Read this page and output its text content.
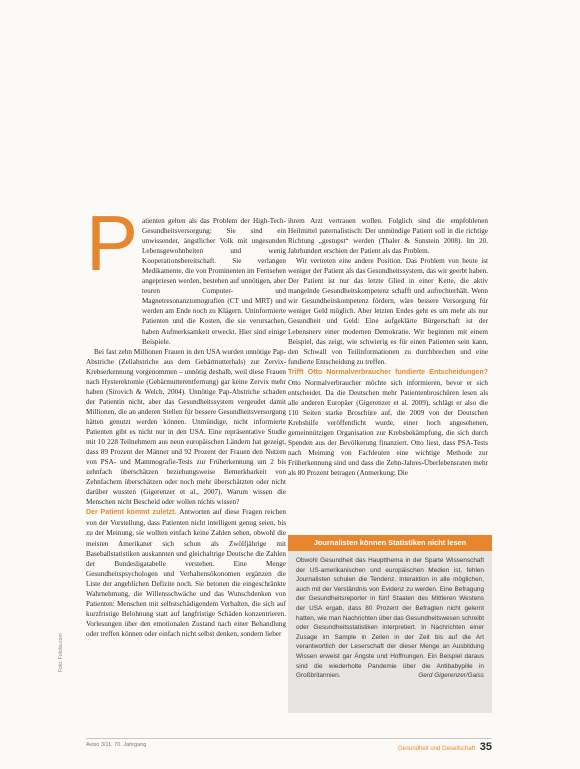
P atienten gelten als das Problem der High-Tech-Gesundheitsversorgung: Sie sind ein unwissender, ängstlicher Volk mit ungesunden Lebensgewohnheiten und wenig Kooperationsbereitschaft. Sie verlangen Medikamente, die von Prominenten im Fernsehen angepriesen werden, bestehen auf unnötigen, aber teuren Computer- und Magnetresonanztomografien (CT und MRT) und werden am Ende noch zu Klägern. Uninformierte Patienten und die Kosten, die sie verursachen, haben Aufmerksamkeit erweckt. Hier sind einige Beispiele.

Bei fast zehn Millionen Frauen in den USA wurden unnötige Pap-Abstriche (Zellabstriche aus dem Gebärmutterhals) zur Zervix-Krebserkennung vorgenommen – unnötig deshalb, weil diese Frauen nach Hysterektomie (Gebärmutterentfernung) gar keine Zervix mehr haben (Sirovich & Welch, 2004). Unnötige Pap-Abstriche schaden der Patientin nicht, aber das Gesundheitssystem vergeudet damit Millionen, die an anderen Stellen für bessere Gesundheitsversorgung hätten genutzt werden können. Unmündige, nicht informierte Patienten gibt es nicht nur in den USA. Eine repräsentative Studie mit 10 228 Teilnehmern aus neun europäischen Ländern hat gezeigt, dass 89 Prozent der Männer und 92 Prozent der Frauen den Nutzen von PSA- und Mammografie-Tests zur Früherkennung um 2 bis zehnfach überschätzen beziehungsweise Bemerkbarkeit von Zehnfachem überschätzen oder noch mehr überschätzten oder nicht darüber wussten (Gigerenzer et al., 2007). Warum wissen die Menschen nicht Bescheid oder wollen nichts wissen?

Der Patient kommt zuletzt. Antworten auf diese Fragen reichen von der Vorstellung, dass Patienten nicht intelligent genug seien, bis zu der Meinung, sie wollten einfach keine Zahlen sehen, obwohl die meisten Amerikaner sich schon als Zwölfjährige mit Baseballstatistiken auskannten und gleichaltrige Deutsche die Zahlen der Bundesligatabelle verstehen. Eine Menge Gesundheitspsychologen und Verhaltensökonomen ergänzen die Liste der angeblichen Defizite noch. Sie betonen die eingeschränkte Wahrnehmung, die Willensschwäche und das Wunschdenken von Patienten: Menschen mit selbstschädigendem Verhalten, die sich auf kurzfristige Belohnung statt auf langfristige Schäden konzentrieren. Vorlesungen über den emotionalen Zustand nach einer Behandlung oder treffen können oder einfach nicht selbst denken, sondern lieber

ihrem Arzt vertrauen wollen. Folglich sind die empfohlenen Heilmittel paternalistisch: Der unmündige Patient soll in die richtige Richtung „gestupst“ werden (Thaler & Sunstein 2008). Im 20. Jahrhundert erschien der Patient als das Problem.

Wir vertreten eine andere Position. Das Problem von heute ist weniger der Patient als das Gesundheitssystem, das wir geerbt haben. Der Patient ist nur das letzte Glied in einer Kette, die aktiv mangelnde Gesundheitskompetenz schafft und aufrechterhält. Wenn wir Gesundheitskompetenz fördern, wäre bessere Versorgung für weniger Geld möglich. Aber letzten Endes geht es um mehr als nur Gesundheit und Geld: Eine aufgeklärte Bürgerschaft ist der Lebensnerv einer modernen Demokratie. Wir beginnen mit einem Beispiel, das zeigt, wie schwierig es für einen Patienten sein kann, den Schwall von Teilinformationen zu durchbrechen und eine fundierte Entscheidung zu treffen.

Trifft Otto Normalverbraucher fundierte Entscheidungen? Otto Normalverbraucher möchte sich informieren, bevor er sich entscheidet. Da die Deutschen mehr Patientenbroschüren lesen als alle anderen Europäer (Gigerenzer et al. 2009), schlägt er also die 110 Seiten starke Broschüre auf, die 2009 von der Deutschen Krebshilfe veröffentlicht wurde, einer hoch angesehenen, gemeinnützigen Organisation zur Krebsbekämpfung, die sich durch Spenden aus der Bevölkerung finanziert. Otto liest, dass PSA-Tests nach Meinung von Fachleuten eine wichtige Methode zur Früherkennung sind und dass die Zehn-Jahres-Überlebensraten mehr als 80 Prozent betragen (Anmerkung: Die

Journalisten können Statistiken nicht lesen
Obwohl Gesundheit das Hauptthema in der Sparte Wissenschaft der US-amerikanischen und europäischen Medien ist, fehlen Journalisten schulen die Tendenz. Interaktion in alle möglichen, auch mit der Verständnis von Evidenz zu werden. Eine Befragung der Gesundheitsreporter in fünf Staaten des Mittleren Westens der USA ergab, dass 80 Prozent der Befragten nicht gelernt hatten, wie man Nachrichten über das Gesundheitswesen schreibt oder Gesundheitsstatistiken interpretiert. In Nachrichten einer Zusage im Sample in Zeilen in der Zeit bis auf die Art verantwortlich der Leserschaft der dieser Menge an Ausbildung Wissen erweist gar Ängste und Hoffnungen. Ein Beispiel daraus sind die wiederholte Pandemie über die Antibabypille in Großbritannien.	Gerd Gigerenzer/Gaiss
Foto: Fotolia.com
Aviso 3/11, 70. Jahrgang
Gesundheit und Gesellschaft 35
